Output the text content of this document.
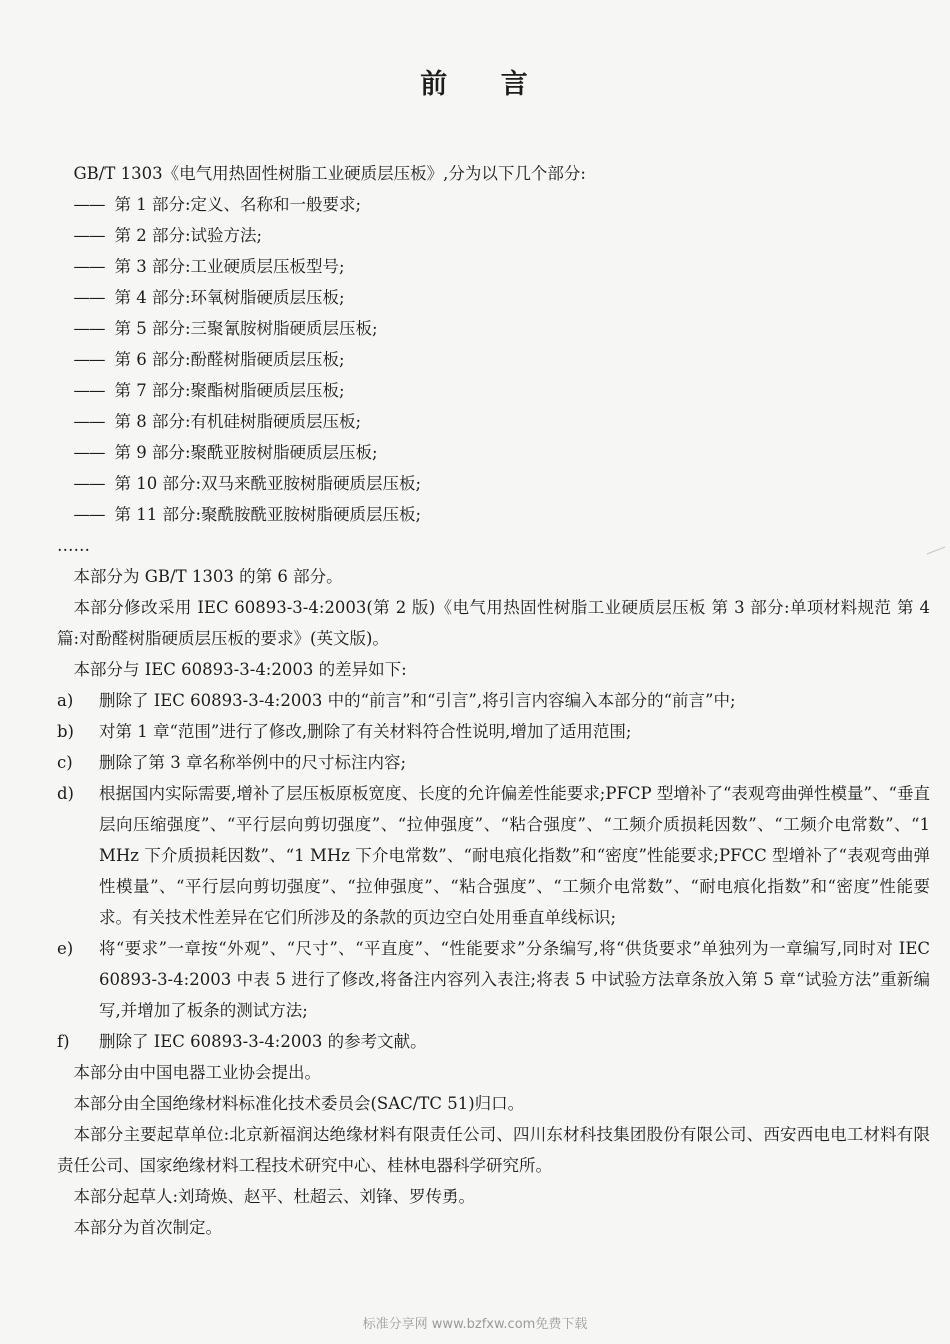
前 言
GB/T 1303《电气用热固性树脂工业硬质层压板》,分为以下几个部分:
—— 第 1 部分:定义、名称和一般要求;
—— 第 2 部分:试验方法;
—— 第 3 部分:工业硬质层压板型号;
—— 第 4 部分:环氧树脂硬质层压板;
—— 第 5 部分:三聚氰胺树脂硬质层压板;
—— 第 6 部分:酚醛树脂硬质层压板;
—— 第 7 部分:聚酯树脂硬质层压板;
—— 第 8 部分:有机硅树脂硬质层压板;
—— 第 9 部分:聚酰亚胺树脂硬质层压板;
—— 第 10 部分:双马来酰亚胺树脂硬质层压板;
—— 第 11 部分:聚酰胺酰亚胺树脂硬质层压板;
……
本部分为 GB/T 1303 的第 6 部分。
本部分修改采用 IEC 60893-3-4:2003(第 2 版)《电气用热固性树脂工业硬质层压板 第 3 部分:单项材料规范 第 4 篇:对酚醛树脂硬质层压板的要求》(英文版)。
本部分与 IEC 60893-3-4:2003 的差异如下:
a)	删除了 IEC 60893-3-4:2003 中的“前言”和“引言”,将引言内容编入本部分的“前言”中;
b)	对第 1 章“范围”进行了修改,删除了有关材料符合性说明,增加了适用范围;
c)	删除了第 3 章名称举例中的尺寸标注内容;
d)	根据国内实际需要,增补了层压板原板宽度、长度的允许偏差性能要求;PFCP 型增补了“表观弯曲弹性模量”、“垂直层向压缩强度”、“平行层向剪切强度”、“拉伸强度”、“粘合强度”、“工频介质损耗因数”、“工频介电常数”、“1 MHz 下介质损耗因数”、“1 MHz 下介电常数”、“耐电痕化指数”和“密度”性能要求;PFCC 型增补了“表观弯曲弹性模量”、“平行层向剪切强度”、“拉伸强度”、“粘合强度”、“工频介电常数”、“耐电痕化指数”和“密度”性能要求。有关技术性差异在它们所涉及的条款的页边空白处用垂直单线标识;
e)	将“要求”一章按“外观”、“尺寸”、“平直度”、“性能要求”分条编写,将“供货要求”单独列为一章编写,同时对 IEC 60893-3-4:2003 中表 5 进行了修改,将备注内容列入表注;将表 5 中试验方法章条放入第 5 章“试验方法”重新编写,并增加了板条的测试方法;
f)	删除了 IEC 60893-3-4:2003 的参考文献。
本部分由中国电器工业协会提出。
本部分由全国绝缘材料标准化技术委员会(SAC/TC 51)归口。
本部分主要起草单位:北京新福润达绝缘材料有限责任公司、四川东材科技集团股份有限公司、西安西电电工材料有限责任公司、国家绝缘材料工程技术研究中心、桂林电器科学研究所。
本部分起草人:刘琦焕、赵平、杜超云、刘锋、罗传勇。
本部分为首次制定。
标准分享网 www.bzfxw.com免费下载
